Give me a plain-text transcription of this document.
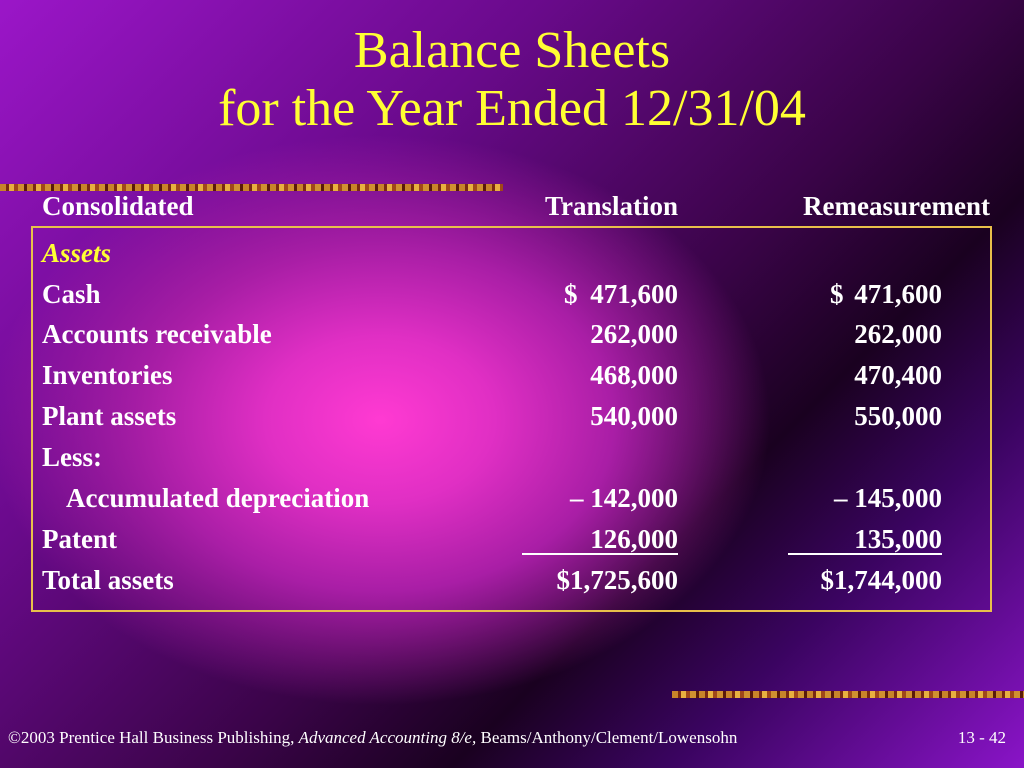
Balance Sheets
for the Year Ended 12/31/04
Consolidated	Translation	Remeasurement
Assets
Cash	$ 471,600	$ 471,600
Accounts receivable	262,000	262,000
Inventories	468,000	470,400
Plant assets	540,000	550,000
Less:
Accumulated depreciation	– 142,000	– 145,000
Patent	126,000	135,000
Total assets	$1,725,600	$1,744,000
©2003 Prentice Hall Business Publishing, Advanced Accounting 8/e, Beams/Anthony/Clement/Lowensohn	13 - 42
